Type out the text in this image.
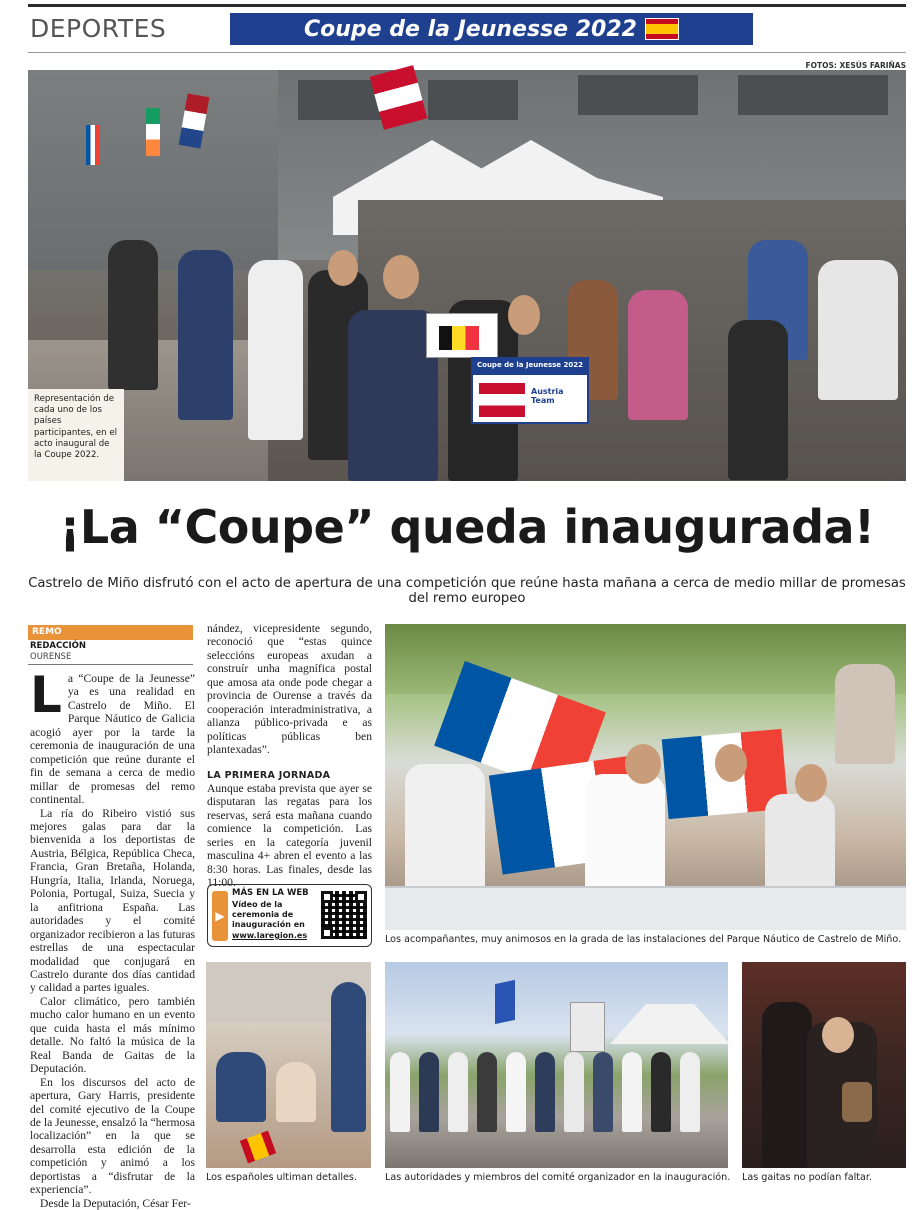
DEPORTES	Coupe de la Jeunesse 2022
FOTOS: XESÚS FARIÑAS
Coupe de la Jeunesse 2022
Austria Team
Representación de cada uno de los países participantes, en el acto inaugural de la Coupe 2022.
¡La “Coupe” queda inaugurada!
Castrelo de Miño disfrutó con el acto de apertura de una competición que reúne hasta mañana a cerca de medio millar de promesas del remo europeo
REMO
REDACCIÓN
OURENSE

La “Coupe de la Jeunesse” ya es una realidad en Castrelo de Miño. El Parque Náutico de Galicia acogió ayer por la tarde la ceremonia de inauguración de una competición que reúne durante el fin de semana a cerca de medio millar de promesas del remo continental.

La ría do Ribeiro vistió sus mejores galas para dar la bienvenida a los deportistas de Austria, Bélgica, República Checa, Francia, Gran Bretaña, Holanda, Hungría, Italia, Irlanda, Noruega, Polonia, Portugal, Suiza, Suecia y la anfitriona España. Las autoridades y el comité organizador recibieron a las futuras estrellas de una espectacular modalidad que conjugará en Castrelo durante dos días cantidad y calidad a partes iguales.

Calor climático, pero también mucho calor humano en un evento que cuida hasta el más mínimo detalle. No faltó la música de la Real Banda de Gaitas de la Deputación.

En los discursos del acto de apertura, Gary Harris, presidente del comité ejecutivo de la Coupe de la Jeunesse, ensalzó la “hermosa localización” en la que se desarrolla esta edición de la competición y animó a los deportistas a “disfrutar de la experiencia”.

Desde la Deputación, César Fer-

nández, vicepresidente segundo, reconoció que “estas quince seleccións europeas axudan a construír unha magnífica postal que amosa ata onde pode chegar a provincia de Ourense a través da cooperación interadministrativa, a alianza público-privada e as políticas públicas ben plantexadas”.

LA PRIMERA JORNADA

Aunque estaba prevista que ayer se disputaran las regatas para los reservas, será esta mañana cuando comience la competición. Las series en la categoría juvenil masculina 4+ abren el evento a las 8:30 horas. Las finales, desde las 11:00.

▶
MÁS EN LA WEB
Vídeo de la ceremonia de inauguración en
www.laregion.es	Los acompañantes, muy animosos en la grada de las instalaciones del Parque Náutico de Castrelo de Miño.
Los españoles ultiman detalles.	Las autoridades y miembros del comité organizador en la inauguración. Las gaitas no podían faltar.
